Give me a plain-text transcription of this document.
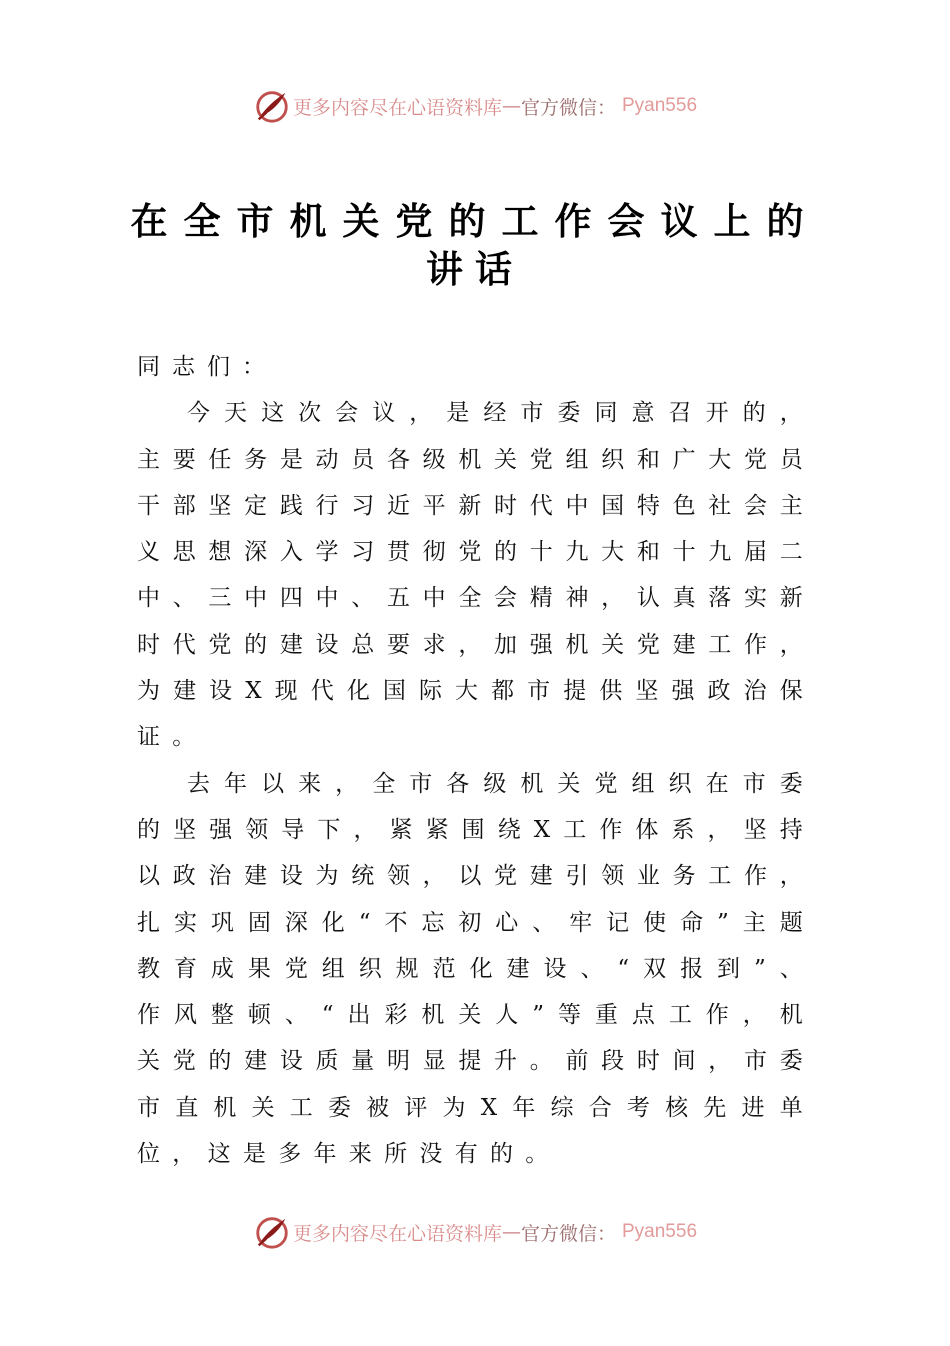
更多内容尽在心语资料库 — 官方微信： Pyan556
在全市机关党的工作会议上的
讲话
同志们：

今天这次会议，是经市委同意召开的，主要任务是动员各级机关党组织和广大党员干部坚定践行习近平新时代中国特色社会主义思想深入学习贯彻党的十九大和十九届二中、三中四中、五中全会精神，认真落实新时代党的建设总要求，加强机关党建工作，为建设X现代化国际大都市提供坚强政治保证。

去年以来，全市各级机关党组织在市委的坚强领导下，紧紧围绕X工作体系，坚持以政治建设为统领，以党建引领业务工作，扎实巩固深化“不忘初心、牢记使命”主题教育成果党组织规范化建设、“双报到”、作风整顿、“出彩机关人”等重点工作，机关党的建设质量明显提升。前段时间，市委市直机关工委被评为X年综合考核先进单位，这是多年来所没有的。

更多内容尽在心语资料库 — 官方微信： Pyan556
